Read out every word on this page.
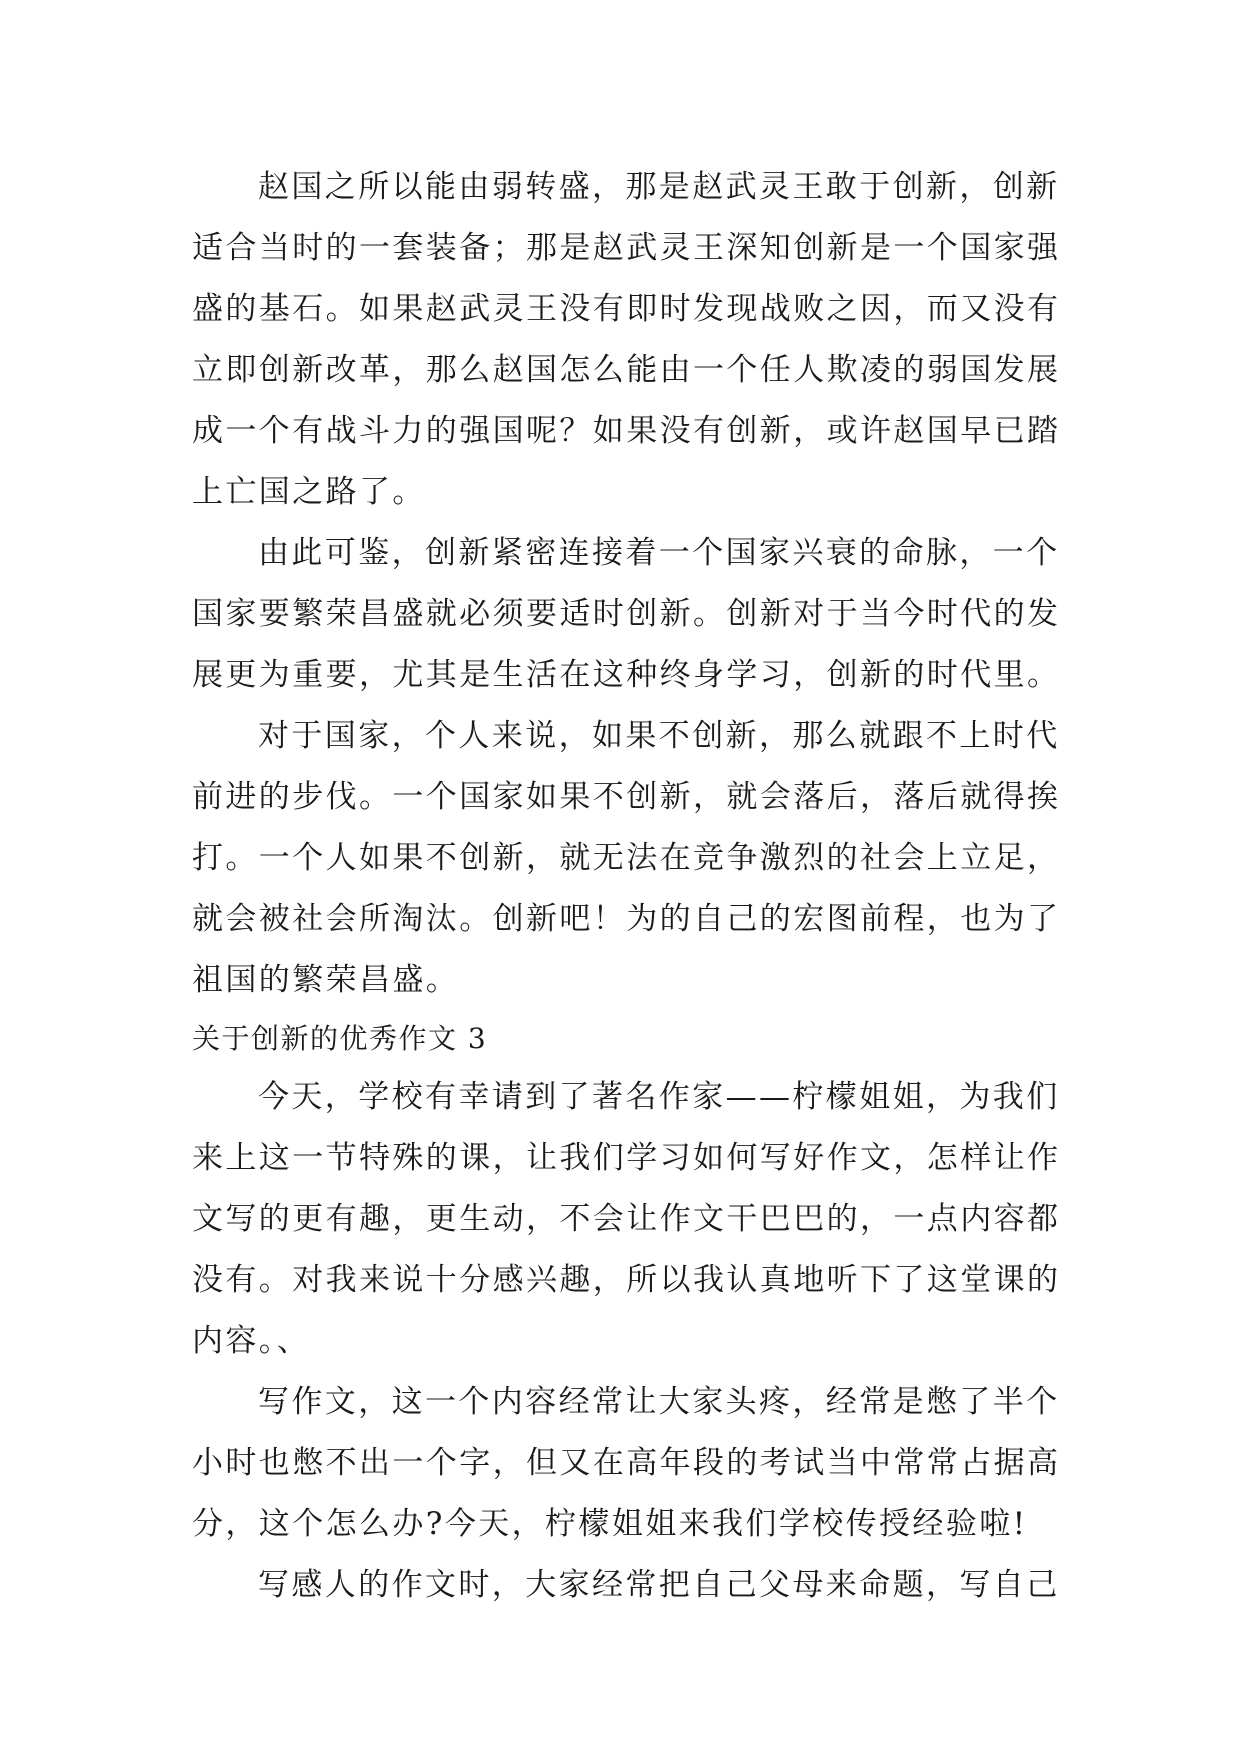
赵国之所以能由弱转盛，那是赵武灵王敢于创新，创新
适合当时的一套装备；那是赵武灵王深知创新是一个国家强
盛的基石。如果赵武灵王没有即时发现战败之因，而又没有
立即创新改革，那么赵国怎么能由一个任人欺凌的弱国发展
成一个有战斗力的强国呢？如果没有创新，或许赵国早已踏
上亡国之路了。
由此可鉴，创新紧密连接着一个国家兴衰的命脉，一个
国家要繁荣昌盛就必须要适时创新。创新对于当今时代的发
展更为重要，尤其是生活在这种终身学习，创新的时代里。
对于国家，个人来说，如果不创新，那么就跟不上时代
前进的步伐。一个国家如果不创新，就会落后，落后就得挨
打。一个人如果不创新，就无法在竞争激烈的社会上立足，
就会被社会所淘汰。创新吧！为的自己的宏图前程，也为了
祖国的繁荣昌盛。
关于创新的优秀作文 3
今天，学校有幸请到了著名作家——柠檬姐姐，为我们
来上这一节特殊的课，让我们学习如何写好作文，怎样让作
文写的更有趣，更生动，不会让作文干巴巴的，一点内容都
没有。对我来说十分感兴趣，所以我认真地听下了这堂课的
内容。、
写作文，这一个内容经常让大家头疼，经常是憋了半个
小时也憋不出一个字，但又在高年段的考试当中常常占据高
分，这个怎么办?今天，柠檬姐姐来我们学校传授经验啦!
写感人的作文时，大家经常把自己父母来命题，写自己
